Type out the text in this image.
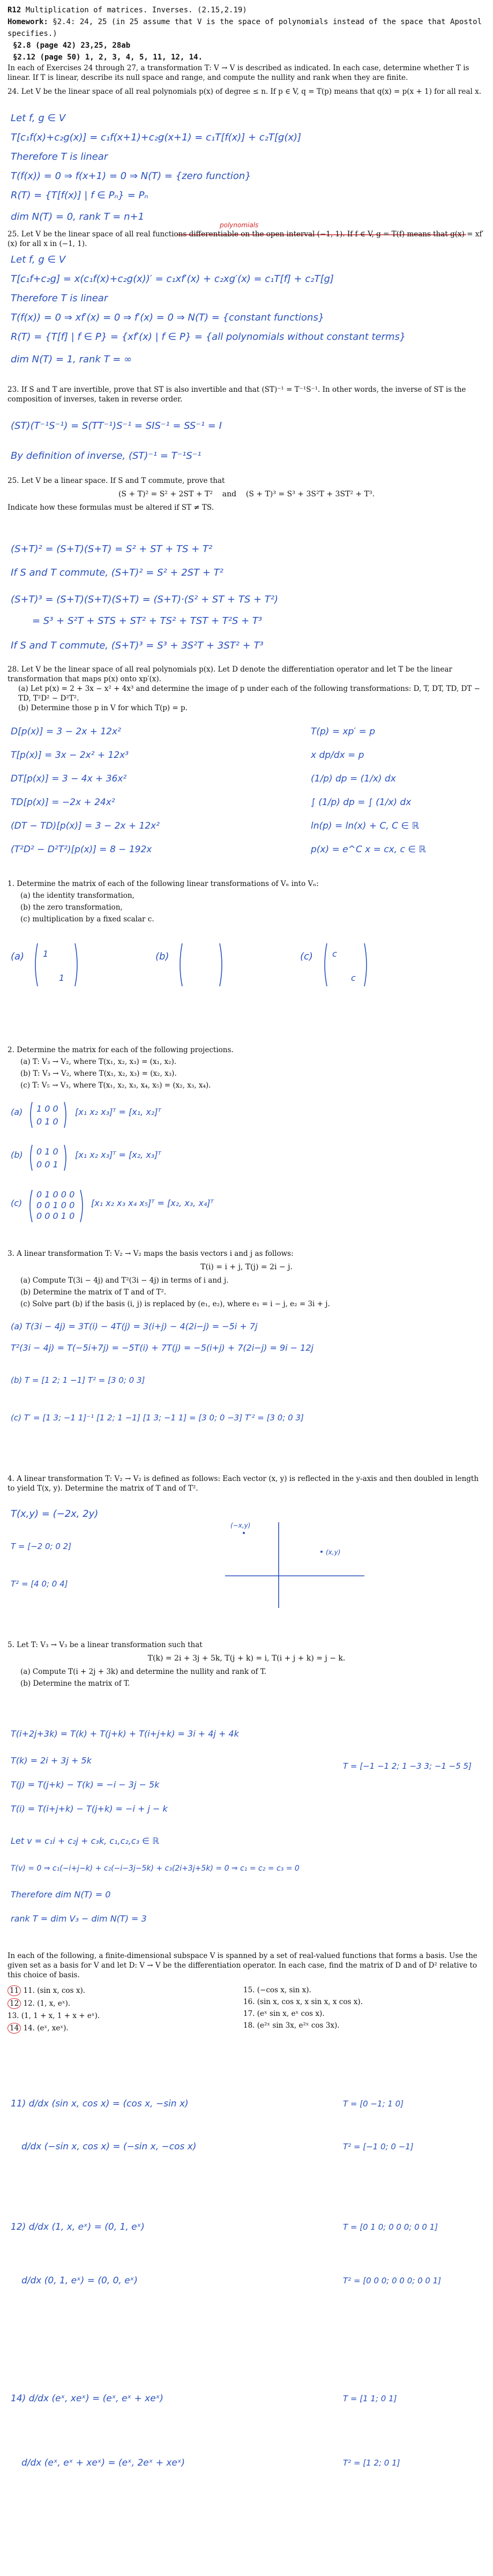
R12 Multiplication of matrices. Inverses. (2.15,2.19)
Homework: §2.4: 24, 25 (in 25 assume that V is the space of polynomials instead of the space that Apostol specifies.)
§2.8 (page 42) 23,25, 28ab
§2.12 (page 50) 1, 2, 3, 4, 5, 11, 12, 14.

In each of Exercises 24 through 27, a transformation T: V → V is described as indicated. In each case, determine whether T is linear. If T is linear, describe its null space and range, and compute the nullity and rank when they are finite.

24. Let V be the linear space of all real polynomials p(x) of degree ≤ n. If p ∈ V, q = T(p) means that q(x) = p(x + 1) for all real x.

Let f, g ∈ V
T[c₁f(x)+c₂g(x)] = c₁f(x+1)+c₂g(x+1) = c₁T[f(x)] + c₂T[g(x)]
Therefore T is linear
T(f(x)) = 0 ⇒ f(x+1) = 0 ⇒ N(T) = {zero function}
R(T) = {T[f(x)] | f ∈ Pₙ} = Pₙ
dim N(T) = 0, rank T = n+1
polynomials
Let f, g ∈ V
T[c₁f+c₂g] = x(c₁f(x)+c₂g(x))′ = c₁xf′(x) + c₂xg′(x) = c₁T[f] + c₂T[g]
Therefore T is linear
T(f(x)) = 0 ⇒ xf′(x) = 0 ⇒ f′(x) = 0 ⇒ N(T) = {constant functions}
R(T) = {T[f] | f ∈ P} = {xf′(x) | f ∈ P} = {all polynomials without constant terms}
dim N(T) = 1, rank T = ∞
(ST)(T⁻¹S⁻¹) = S(TT⁻¹)S⁻¹ = SIS⁻¹ = SS⁻¹ = I
By definition of inverse, (ST)⁻¹ = T⁻¹S⁻¹
(S+T)² = (S+T)(S+T) = S² + ST + TS + T²
If S and T commute, (S+T)² = S² + 2ST + T²
(S+T)³ = (S+T)(S+T)(S+T) = (S+T)·(S² + ST + TS + T²)
= S³ + S²T + STS + ST² + TS² + TST + T²S + T³
If S and T commute, (S+T)³ = S³ + 3S²T + 3ST² + T³
D[p(x)] = 3 − 2x + 12x²
T[p(x)] = 3x − 2x² + 12x³
DT[p(x)] = 3 − 4x + 36x²
TD[p(x)] = −2x + 24x²
(DT − TD)[p(x)] = 3 − 2x + 12x²
(T²D² − D²T²)[p(x)] = 8 − 192x
T(p) = xp′ = p
x dp/dx = p
(1/p) dp = (1/x) dx
∫ (1/p) dp = ∫ (1/x) dx
ln(p) = ln(x) + C, C ∈ ℝ
p(x) = e^C x = cx, c ∈ ℝ
(a) 1
1
(b)	(c) c
c
(a) 1 0 0
0 1 0
[x₁ x₂ x₃]ᵀ = [x₁, x₂]ᵀ
(b) 0 1 0
0 0 1
[x₁ x₂ x₃]ᵀ = [x₂, x₃]ᵀ
(c)
0 1 0 0 0
0 0 1 0 0
0 0 0 1 0
[x₁ x₂ x₃ x₄ x₅]ᵀ = [x₂, x₃, x₄]ᵀ
(a) T(3i − 4j) = 3T(i) − 4T(j) = 3(i+j) − 4(2i−j) = −5i + 7j
T²(3i − 4j) = T(−5i+7j) = −5T(i) + 7T(j) = −5(i+j) + 7(2i−j) = 9i − 12j
(b) T = [1 2; 1 −1] T² = [3 0; 0 3]
(c) T′ = [1 3; −1 1]⁻¹ [1 2; 1 −1] [1 3; −1 1] = [3 0; 0 −3] T′² = [3 0; 0 3]
T(x,y) = (−2x, 2y)
T = [−2 0; 0 2]
T² = [4 0; 0 4]
(x,y)
(−x,y)
T(i+2j+3k) = T(k) + T(j+k) + T(i+j+k) = 3i + 4j + 4k
T(k) = 2i + 3j + 5k
T(j) = T(j+k) − T(k) = −i − 3j − 5k
T(i) = T(i+j+k) − T(j+k) = −i + j − k
Let v = c₁i + c₂j + c₃k, c₁,c₂,c₃ ∈ ℝ
T(v) = 0 ⇒ c₁(−i+j−k) + c₂(−i−3j−5k) + c₃(2i+3j+5k) = 0 ⇒ c₁ = c₂ = c₃ = 0
Therefore dim N(T) = 0
rank T = dim V₃ − dim N(T) = 3
T = [−1 −1 2; 1 −3 3; −1 −5 5]
11) d/dx (sin x, cos x) = (cos x, −sin x)
d/dx (−sin x, cos x) = (−sin x, −cos x)
12) d/dx (1, x, eˣ) = (0, 1, eˣ)
d/dx (0, 1, eˣ) = (0, 0, eˣ)
14) d/dx (eˣ, xeˣ) = (eˣ, eˣ + xeˣ)
d/dx (eˣ, eˣ + xeˣ) = (eˣ, 2eˣ + xeˣ)
T = [0 −1; 1 0]
T² = [−1 0; 0 −1]
T = [0 1 0; 0 0 0; 0 0 1]
T² = [0 0 0; 0 0 0; 0 0 1]
T = [1 1; 0 1]
T² = [1 2; 0 1]

25. Let V be the linear space of all real functions differentiable on the open interval (−1, 1). If f ∈ V, g = T(f) means that g(x) = xf′(x) for all x in (−1, 1).

23. If S and T are invertible, prove that ST is also invertible and that (ST)⁻¹ = T⁻¹S⁻¹. In other words, the inverse of ST is the composition of inverses, taken in reverse order.

25. Let V be a linear space. If S and T commute, prove that

(S + T)² = S² + 2ST + T² and (S + T)³ = S³ + 3S²T + 3ST² + T³.

Indicate how these formulas must be altered if ST ≠ TS.

28. Let V be the linear space of all real polynomials p(x). Let D denote the differentiation operator and let T be the linear transformation that maps p(x) onto xp′(x).

(a) Let p(x) = 2 + 3x − x² + 4x³ and determine the image of p under each of the following transformations: D, T, DT, TD, DT − TD, T²D² − D²T².

(b) Determine those p in V for which T(p) = p.

1. Determine the matrix of each of the following linear transformations of Vₙ into Vₙ:

(a) the identity transformation,
(b) the zero transformation,
(c) multiplication by a fixed scalar c.

2. Determine the matrix for each of the following projections.

(a) T: V₃ → V₂, where T(x₁, x₂, x₃) = (x₁, x₂).
(b) T: V₃ → V₂, where T(x₁, x₂, x₃) = (x₂, x₃).
(c) T: V₅ → V₃, where T(x₁, x₂, x₃, x₄, x₅) = (x₂, x₃, x₄).

3. A linear transformation T: V₂ → V₂ maps the basis vectors i and j as follows:

T(i) = i + j, T(j) = 2i − j.
(a) Compute T(3i − 4j) and T²(3i − 4j) in terms of i and j.
(b) Determine the matrix of T and of T².
(c) Solve part (b) if the basis (i, j) is replaced by (e₁, e₂), where e₁ = i − j, e₂ = 3i + j.

4. A linear transformation T: V₂ → V₂ is defined as follows: Each vector (x, y) is reflected in the y-axis and then doubled in length to yield T(x, y). Determine the matrix of T and of T².

5. Let T: V₃ → V₃ be a linear transformation such that

T(k) = 2i + 3j + 5k, T(j + k) = i, T(i + j + k) = j − k.
(a) Compute T(i + 2j + 3k) and determine the nullity and rank of T.
(b) Determine the matrix of T.

In each of the following, a finite-dimensional subspace V is spanned by a set of real-valued functions that forms a basis. Use the given set as a basis for V and let D: V → V be the differentiation operator. In each case, find the matrix of D and of D² relative to this choice of basis.

11 11. (sin x, cos x).
12 12. (1, x, eˣ).
13. (1, 1 + x, 1 + x + eˣ).
14 14. (eˣ, xeˣ).
15. (−cos x, sin x).
16. (sin x, cos x, x sin x, x cos x).
17. (eˣ sin x, eˣ cos x).
18. (e²ˣ sin 3x, e²ˣ cos 3x).
